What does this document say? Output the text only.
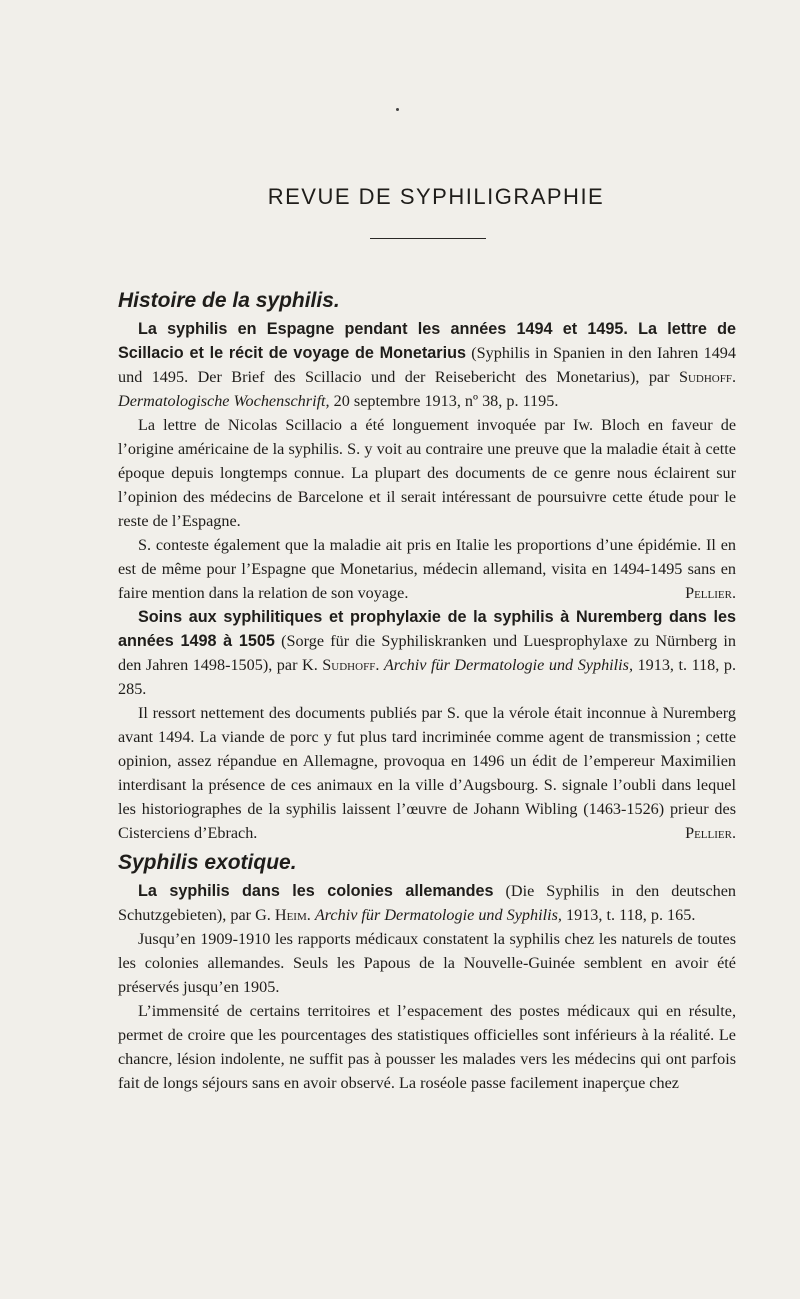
REVUE DE SYPHILIGRAPHIE
Histoire de la syphilis.

La syphilis en Espagne pendant les années 1494 et 1495. La lettre de Scillacio et le récit de voyage de Monetarius (Syphilis in Spanien in den Iahren 1494 und 1495. Der Brief des Scillacio und der Reisebericht des Monetarius), par Sudhoff. Dermatologische Wochenschrift, 20 septembre 1913, nº 38, p. 1195.

La lettre de Nicolas Scillacio a été longuement invoquée par Iw. Bloch en faveur de l’origine américaine de la syphilis. S. y voit au contraire une preuve que la maladie était à cette époque depuis longtemps connue. La plupart des documents de ce genre nous éclairent sur l’opinion des médecins de Barcelone et il serait intéressant de poursuivre cette étude pour le reste de l’Espagne.

S. conteste également que la maladie ait pris en Italie les proportions d’une épidémie. Il en est de même pour l’Espagne que Monetarius, médecin allemand, visita en 1494-1495 sans en faire mention dans la relation de son voyage.	Pellier.

Soins aux syphilitiques et prophylaxie de la syphilis à Nuremberg dans les années 1498 à 1505 (Sorge für die Syphiliskranken und Luesprophylaxe zu Nürnberg in den Jahren 1498-1505), par K. Sudhoff. Archiv für Dermatologie und Syphilis, 1913, t. 118, p. 285.

Il ressort nettement des documents publiés par S. que la vérole était inconnue à Nuremberg avant 1494. La viande de porc y fut plus tard incriminée comme agent de transmission ; cette opinion, assez répandue en Allemagne, provoqua en 1496 un édit de l’empereur Maximilien interdisant la présence de ces animaux en la ville d’Augsbourg. S. signale l’oubli dans lequel les historiographes de la syphilis laissent l’œuvre de Johann Wibling (1463-1526) prieur des Cisterciens d’Ebrach.	Pellier.

Syphilis exotique.

La syphilis dans les colonies allemandes (Die Syphilis in den deutschen Schutzgebieten), par G. Heim. Archiv für Dermatologie und Syphilis, 1913, t. 118, p. 165.

Jusqu’en 1909-1910 les rapports médicaux constatent la syphilis chez les naturels de toutes les colonies allemandes. Seuls les Papous de la Nouvelle-Guinée semblent en avoir été préservés jusqu’en 1905.

L’immensité de certains territoires et l’espacement des postes médicaux qui en résulte, permet de croire que les pourcentages des statistiques officielles sont inférieurs à la réalité. Le chancre, lésion indolente, ne suffit pas à pousser les malades vers les médecins qui ont parfois fait de longs séjours sans en avoir observé. La roséole passe facilement inaperçue chez
